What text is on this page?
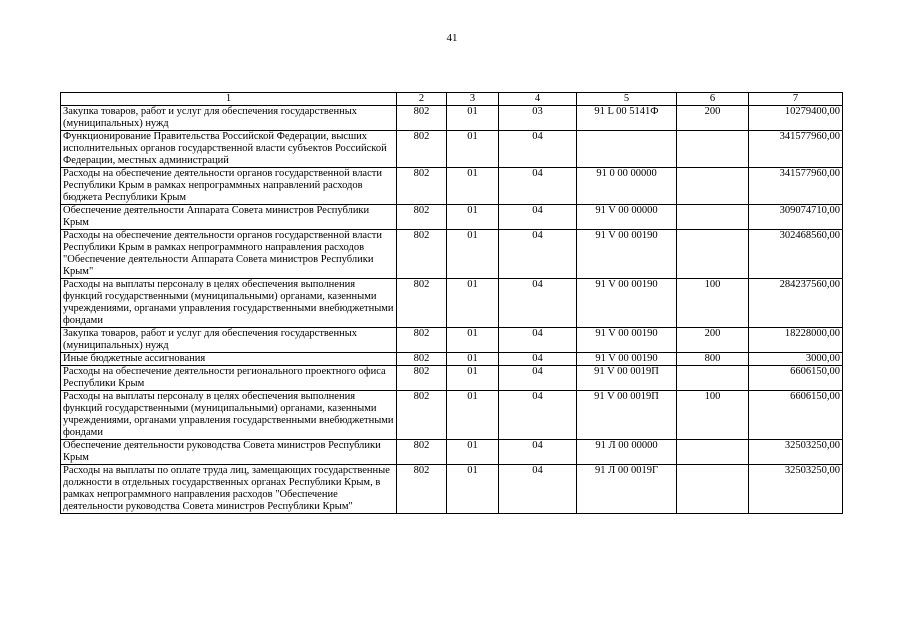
41
1	2	3	4	5	6	7
Закупка товаров, работ и услуг для обеспечения государственных (муниципальных) нужд	802	01	03	91 L 00 5141Ф	200	10279400,00
Функционирование Правительства Российской Федерации, высших исполнительных органов государственной власти субъектов Российской Федерации, местных администраций	802	01	04			341577960,00
Расходы на обеспечение деятельности органов государственной власти Республики Крым в рамках непрограммных направлений расходов бюджета Республики Крым	802	01	04	91 0 00 00000		341577960,00
Обеспечение деятельности Аппарата Совета министров Республики Крым	802	01	04	91 V 00 00000		309074710,00
Расходы на обеспечение деятельности органов государственной власти Республики Крым в рамках непрограммного направления расходов "Обеспечение деятельности Аппарата Совета министров Республики Крым"	802	01	04	91 V 00 00190		302468560,00
Расходы на выплаты персоналу в целях обеспечения выполнения функций государственными (муниципальными) органами, казенными учреждениями, органами управления государственными внебюджетными фондами	802	01	04	91 V 00 00190	100	284237560,00
Закупка товаров, работ и услуг для обеспечения государственных (муниципальных) нужд	802	01	04	91 V 00 00190	200	18228000,00
Иные бюджетные ассигнования	802	01	04	91 V 00 00190	800	3000,00
Расходы на обеспечение деятельности регионального проектного офиса Республики Крым	802	01	04	91 V 00 0019П		6606150,00
Расходы на выплаты персоналу в целях обеспечения выполнения функций государственными (муниципальными) органами, казенными учреждениями, органами управления государственными внебюджетными фондами	802	01	04	91 V 00 0019П	100	6606150,00
Обеспечение деятельности руководства Совета министров Республики Крым	802	01	04	91 Л 00 00000		32503250,00
Расходы на выплаты по оплате труда лиц, замещающих государственные должности в отдельных государственных органах Республики Крым, в рамках непрограммного направления расходов "Обеспечение деятельности руководства Совета министров Республики Крым"	802	01	04	91 Л 00 0019Г		32503250,00
